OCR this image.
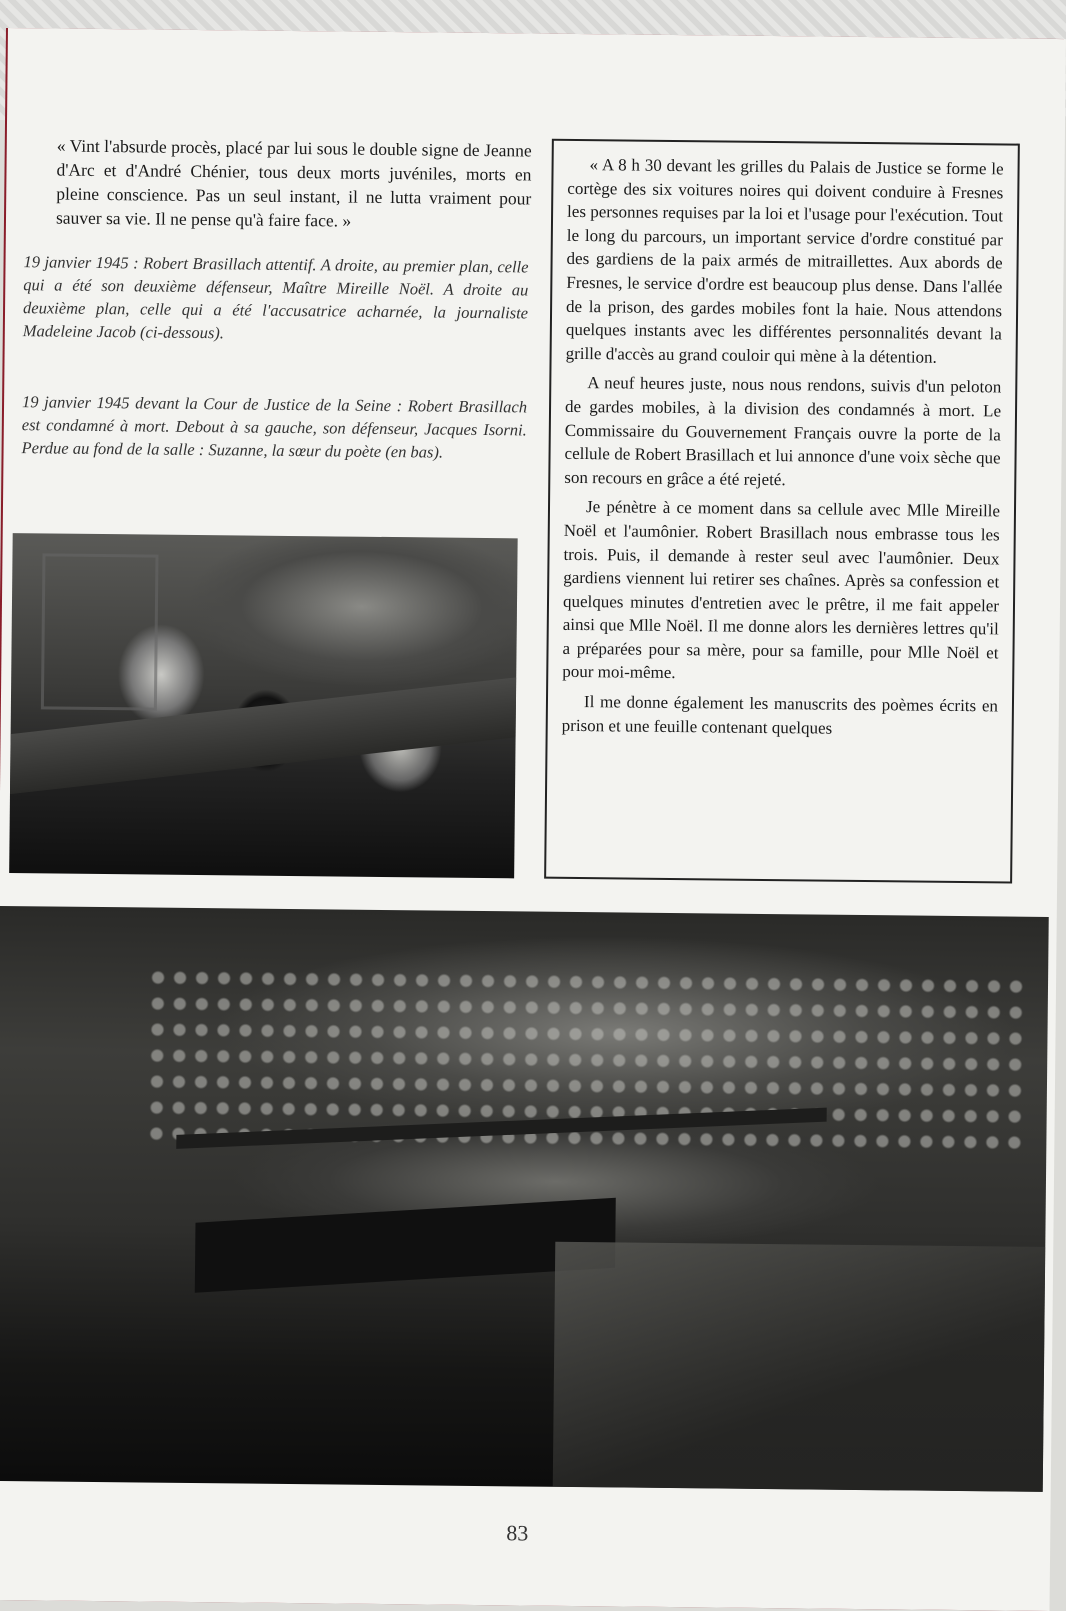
« Vint l'absurde procès, placé par lui sous le double signe de Jeanne d'Arc et d'André Chénier, tous deux morts juvéniles, morts en pleine conscience. Pas un seul instant, il ne lutta vraiment pour sauver sa vie. Il ne pense qu'à faire face. »
19 janvier 1945 : Robert Brasillach attentif. A droite, au premier plan, celle qui a été son deuxième défenseur, Maître Mireille Noël. A droite au deuxième plan, celle qui a été l'accusatrice acharnée, la journaliste Madeleine Jacob (ci-dessous).
19 janvier 1945 devant la Cour de Justice de la Seine : Robert Brasillach est condamné à mort. Debout à sa gauche, son défenseur, Jacques Isorni. Perdue au fond de la salle : Suzanne, la sœur du poète (en bas).

« A 8 h 30 devant les grilles du Palais de Justice se forme le cortège des six voitures noires qui doivent conduire à Fresnes les personnes requises par la loi et l'usage pour l'exécution. Tout le long du parcours, un important service d'ordre constitué par des gardiens de la paix armés de mitraillettes. Aux abords de Fresnes, le service d'ordre est beaucoup plus dense. Dans l'allée de la prison, des gardes mobiles font la haie. Nous attendons quelques instants avec les différentes personnalités devant la grille d'accès au grand couloir qui mène à la détention.

A neuf heures juste, nous nous rendons, suivis d'un peloton de gardes mobiles, à la division des condamnés à mort. Le Commissaire du Gouvernement Français ouvre la porte de la cellule de Robert Brasillach et lui annonce d'une voix sèche que son recours en grâce a été rejeté.

Je pénètre à ce moment dans sa cellule avec Mlle Mireille Noël et l'aumônier. Robert Brasillach nous embrasse tous les trois. Puis, il demande à rester seul avec l'aumônier. Deux gardiens viennent lui retirer ses chaînes. Après sa confession et quelques minutes d'entretien avec le prêtre, il me fait appeler ainsi que Mlle Noël. Il me donne alors les dernières lettres qu'il a préparées pour sa mère, pour sa famille, pour Mlle Noël et pour moi-même.

Il me donne également les manuscrits des poèmes écrits en prison et une feuille contenant quelques

83
